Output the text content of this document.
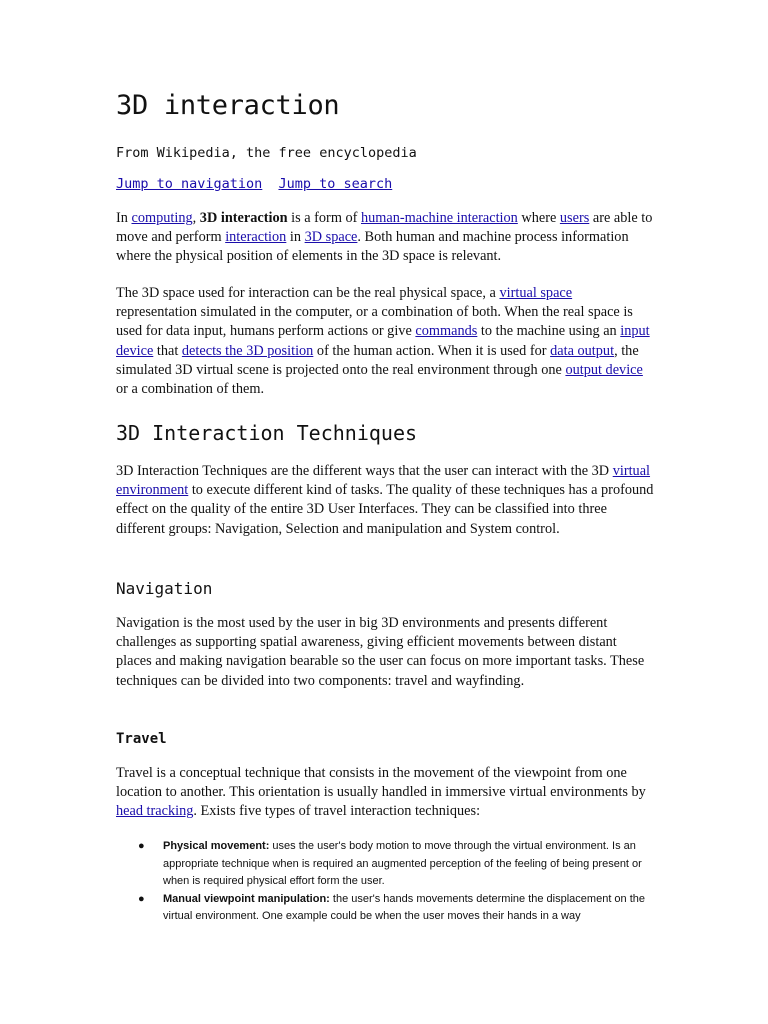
3D interaction
From Wikipedia, the free encyclopedia
Jump to navigation Jump to search

In computing, 3D interaction is a form of human-machine interaction where users are able to move and perform interaction in 3D space. Both human and machine process information where the physical position of elements in the 3D space is relevant.

The 3D space used for interaction can be the real physical space, a virtual space representation simulated in the computer, or a combination of both. When the real space is used for data input, humans perform actions or give commands to the machine using an input device that detects the 3D position of the human action. When it is used for data output, the simulated 3D virtual scene is projected onto the real environment through one output device or a combination of them.

3D Interaction Techniques

3D Interaction Techniques are the different ways that the user can interact with the 3D virtual environment to execute different kind of tasks. The quality of these techniques has a profound effect on the quality of the entire 3D User Interfaces. They can be classified into three different groups: Navigation, Selection and manipulation and System control.

Navigation

Navigation is the most used by the user in big 3D environments and presents different challenges as supporting spatial awareness, giving efficient movements between distant places and making navigation bearable so the user can focus on more important tasks. These techniques can be divided into two components: travel and wayfinding.

Travel

Travel is a conceptual technique that consists in the movement of the viewpoint from one location to another. This orientation is usually handled in immersive virtual environments by head tracking. Exists five types of travel interaction techniques:

● Physical movement: uses the user's body motion to move through the virtual environment. Is an appropriate technique when is required an augmented perception of the feeling of being present or when is required physical effort form the user.
● Manual viewpoint manipulation: the user's hands movements determine the displacement on the virtual environment. One example could be when the user moves their hands in a way
